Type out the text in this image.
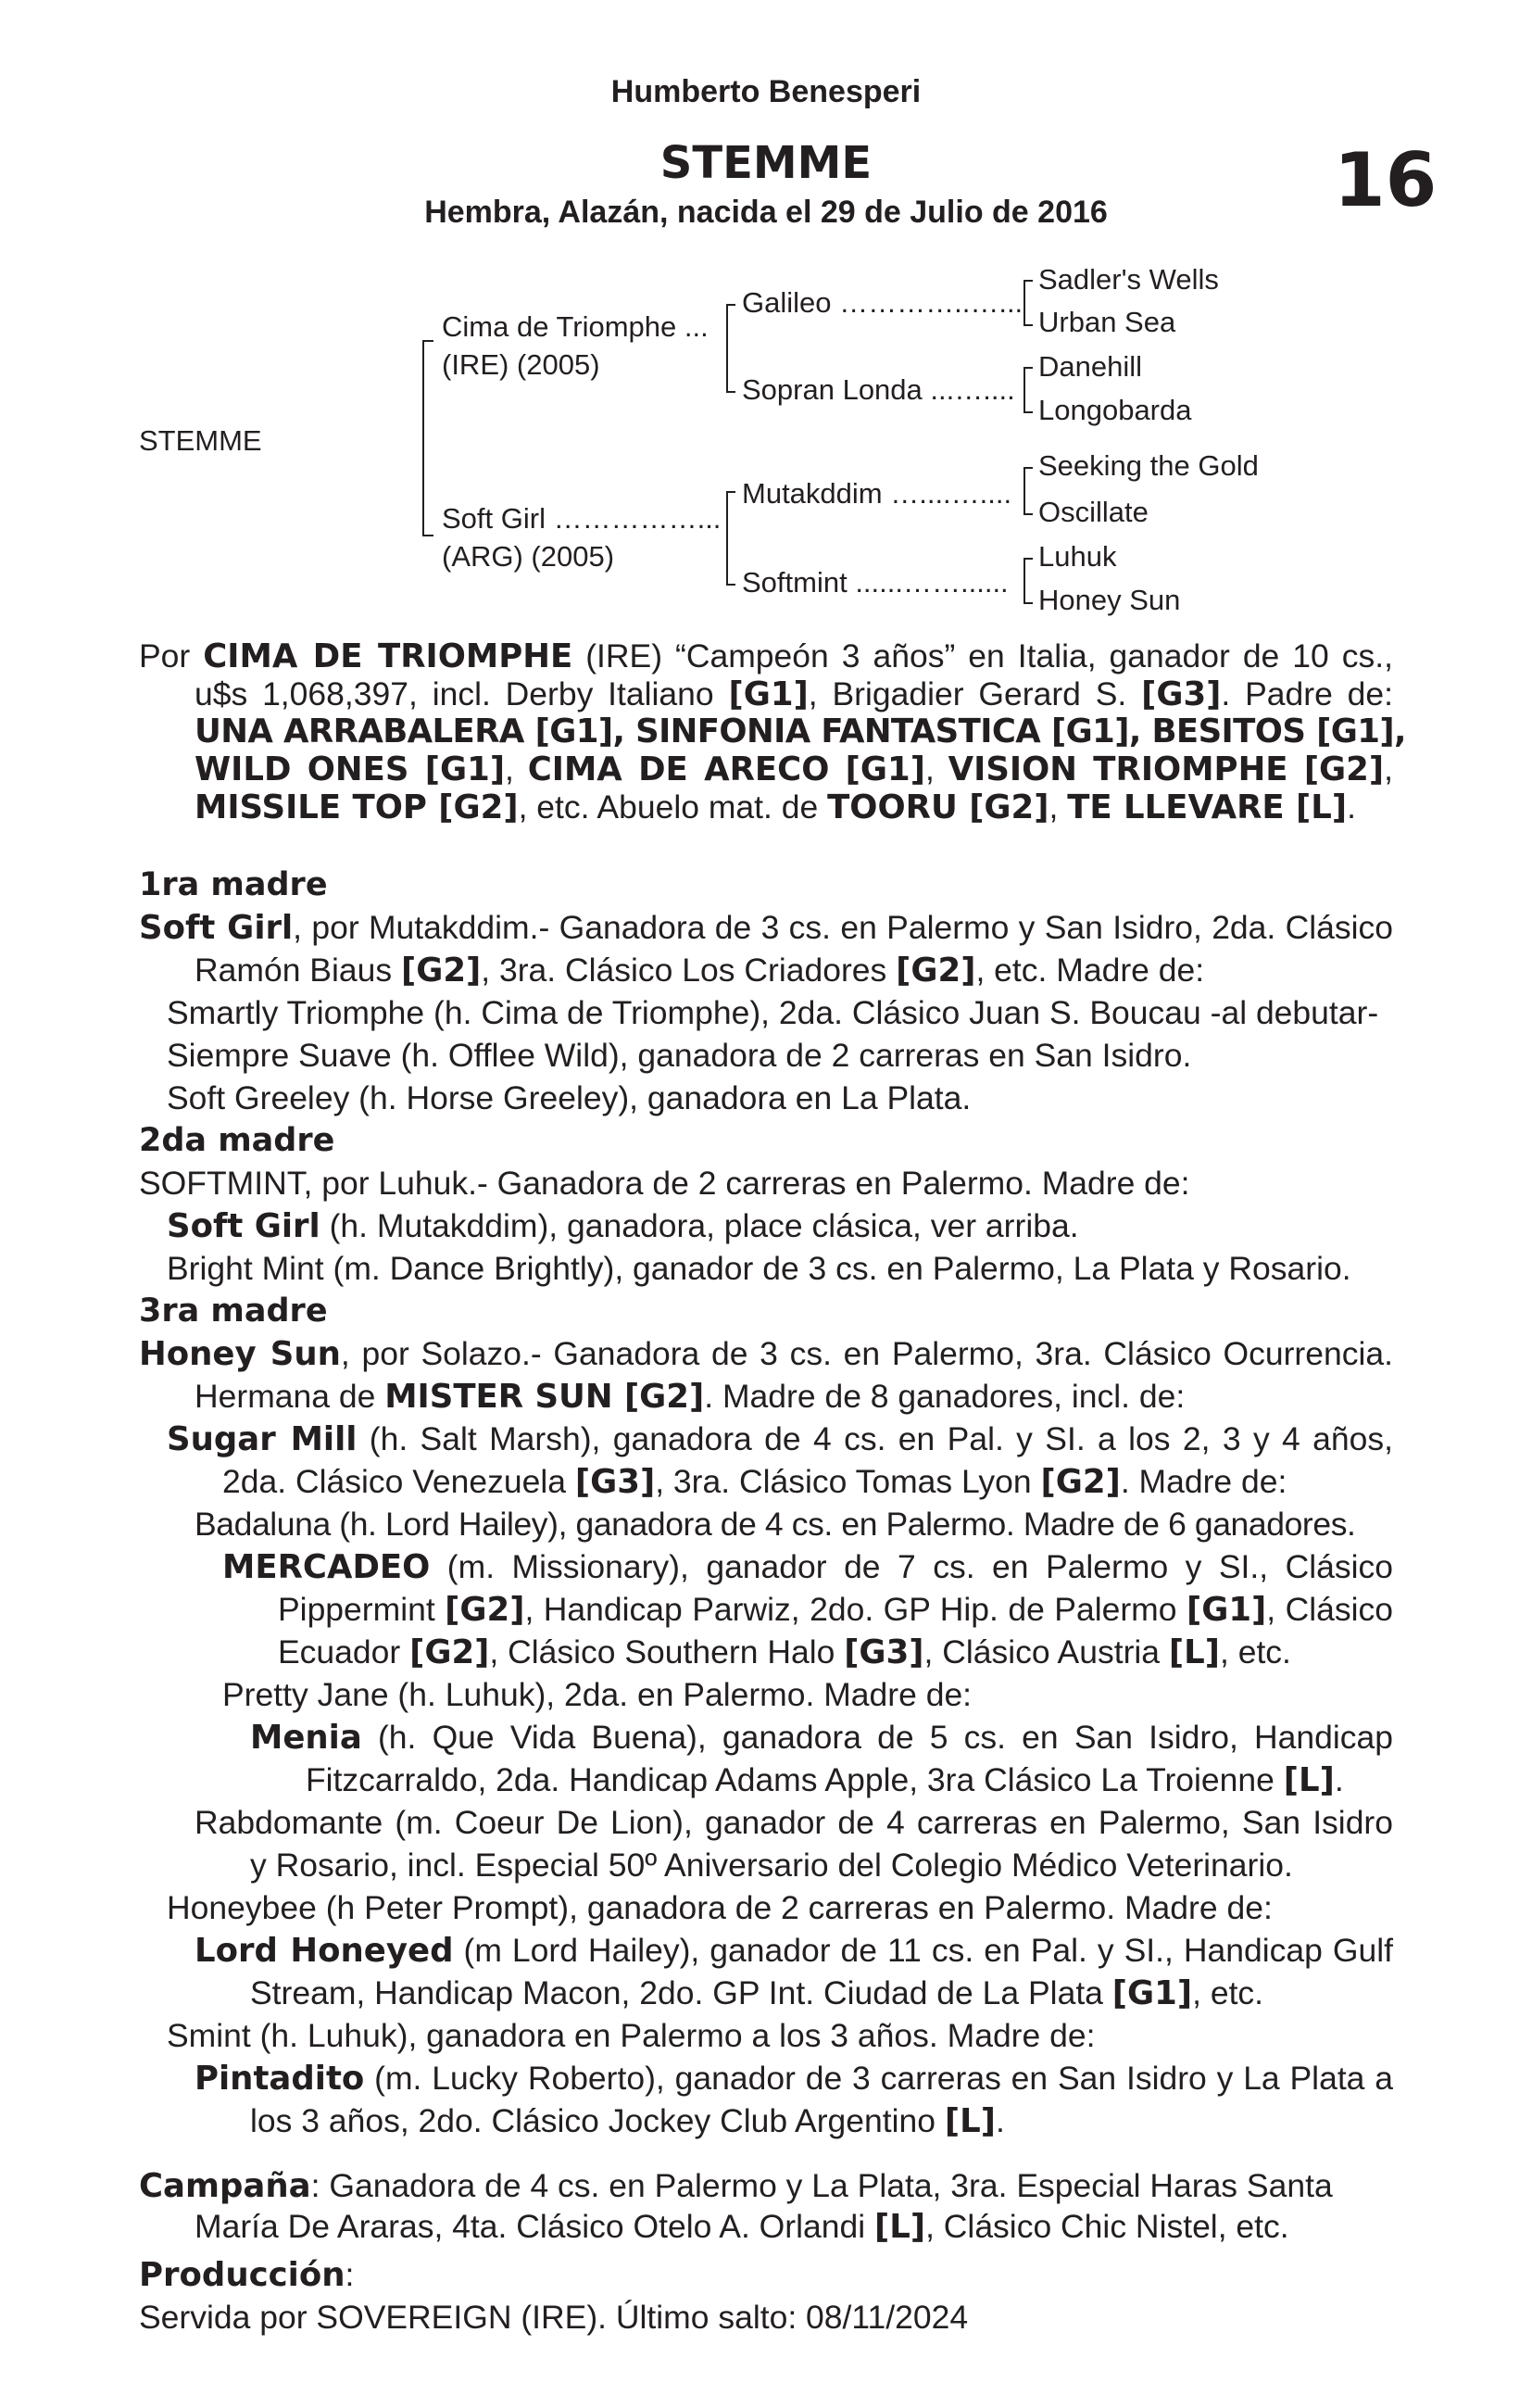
Humberto Benesperi
STEMME
Hembra, Alazán, nacida el 29 de Julio de 2016	16
STEMME
Cima de Triomphe ...
(IRE) (2005)
Soft Girl ……………...
(ARG) (2005)
Galileo …………..…...
Sopran Londa ...…....
Mutakddim …....…....
Softmint ......……......
Sadler's Wells
Urban Sea
Danehill
Longobarda
Seeking the Gold
Oscillate
Luhuk
Honey Sun
Por CIMA DE TRIOMPHE (IRE) “Campeón 3 años” en Italia, ganador de 10 cs.,
u$s 1,068,397, incl. Derby Italiano [G1], Brigadier Gerard S. [G3]. Padre de:
UNA ARRABALERA [G1], SINFONIA FANTASTICA [G1], BESITOS [G1],
WILD ONES [G1], CIMA DE ARECO [G1], VISION TRIOMPHE [G2],
MISSILE TOP [G2], etc. Abuelo mat. de TOORU [G2], TE LLEVARE [L].
1ra madre
Soft Girl, por Mutakddim.- Ganadora de 3 cs. en Palermo y San Isidro, 2da. Clásico
Ramón Biaus [G2], 3ra. Clásico Los Criadores [G2], etc. Madre de:
Smartly Triomphe (h. Cima de Triomphe), 2da. Clásico Juan S. Boucau -al debutar-
Siempre Suave (h. Offlee Wild), ganadora de 2 carreras en San Isidro.
Soft Greeley (h. Horse Greeley), ganadora en La Plata.
2da madre
SOFTMINT, por Luhuk.- Ganadora de 2 carreras en Palermo. Madre de:
Soft Girl (h. Mutakddim), ganadora, place clásica, ver arriba.
Bright Mint (m. Dance Brightly), ganador de 3 cs. en Palermo, La Plata y Rosario.
3ra madre
Honey Sun, por Solazo.- Ganadora de 3 cs. en Palermo, 3ra. Clásico Ocurrencia.
Hermana de MISTER SUN [G2]. Madre de 8 ganadores, incl. de:
Sugar Mill (h. Salt Marsh), ganadora de 4 cs. en Pal. y SI. a los 2, 3 y 4 años,
2da. Clásico Venezuela [G3], 3ra. Clásico Tomas Lyon [G2]. Madre de:
Badaluna (h. Lord Hailey), ganadora de 4 cs. en Palermo. Madre de 6 ganadores.
MERCADEO (m. Missionary), ganador de 7 cs. en Palermo y SI., Clásico
Pippermint [G2], Handicap Parwiz, 2do. GP Hip. de Palermo [G1], Clásico
Ecuador [G2], Clásico Southern Halo [G3], Clásico Austria [L], etc.
Pretty Jane (h. Luhuk), 2da. en Palermo. Madre de:
Menia (h. Que Vida Buena), ganadora de 5 cs. en San Isidro, Handicap
Fitzcarraldo, 2da. Handicap Adams Apple, 3ra Clásico La Troienne [L].
Rabdomante (m. Coeur De Lion), ganador de 4 carreras en Palermo, San Isidro
y Rosario, incl. Especial 50º Aniversario del Colegio Médico Veterinario.
Honeybee (h Peter Prompt), ganadora de 2 carreras en Palermo. Madre de:
Lord Honeyed (m Lord Hailey), ganador de 11 cs. en Pal. y SI., Handicap Gulf
Stream, Handicap Macon, 2do. GP Int. Ciudad de La Plata [G1], etc.
Smint (h. Luhuk), ganadora en Palermo a los 3 años. Madre de:
Pintadito (m. Lucky Roberto), ganador de 3 carreras en San Isidro y La Plata a
los 3 años, 2do. Clásico Jockey Club Argentino [L].
Campaña: Ganadora de 4 cs. en Palermo y La Plata, 3ra. Especial Haras Santa
María De Araras, 4ta. Clásico Otelo A. Orlandi [L], Clásico Chic Nistel, etc.
Producción:
Servida por SOVEREIGN (IRE). Último salto: 08/11/2024
